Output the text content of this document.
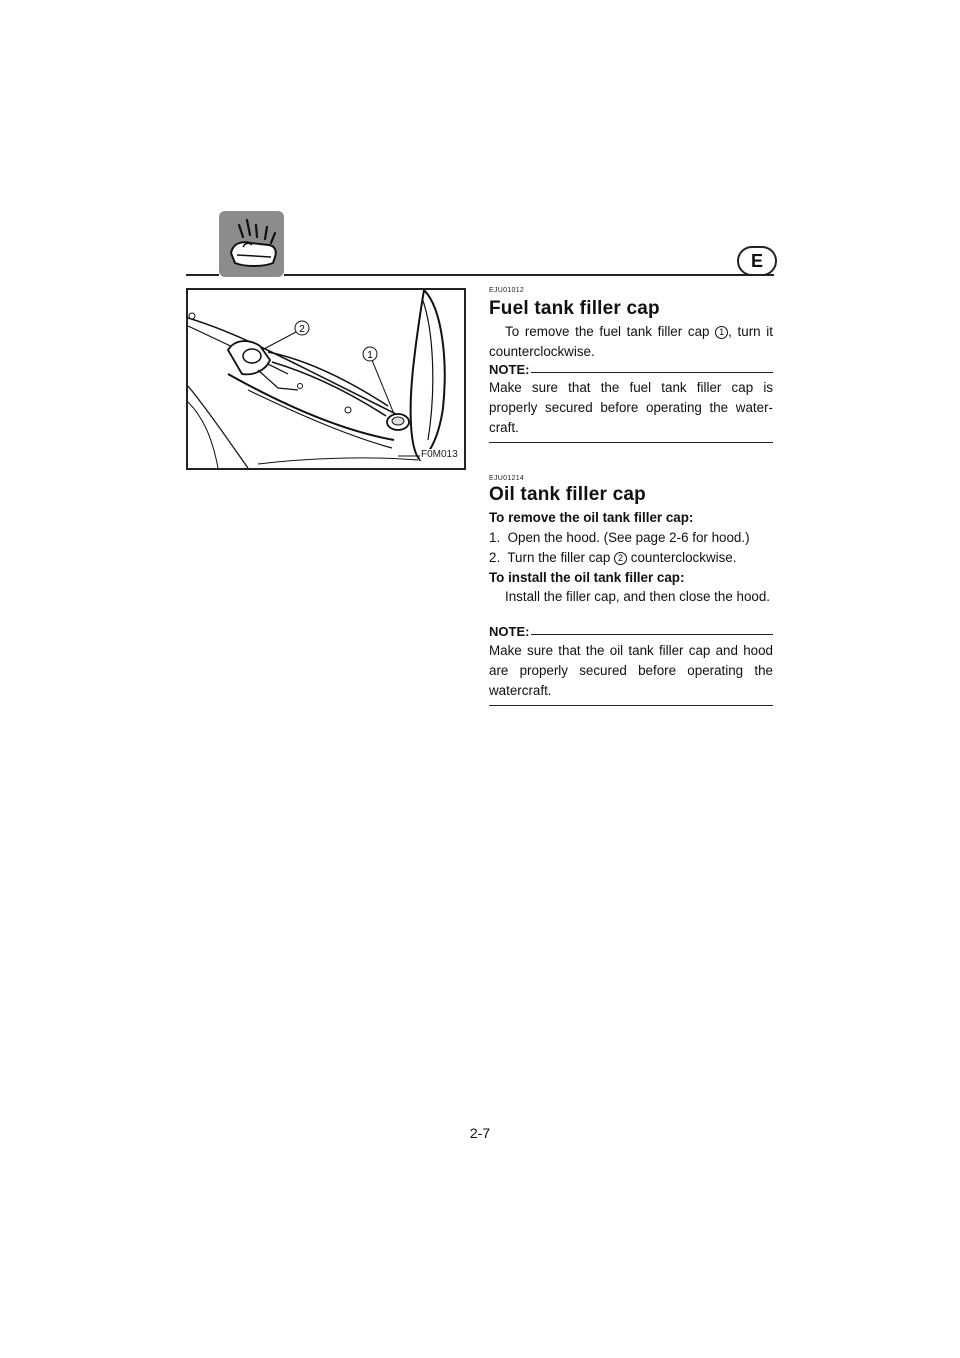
E
2
1
F0M013
EJU01012
Fuel tank filler cap
To remove the fuel tank filler cap 1 , turn it counterclockwise.
NOTE:
Make sure that the fuel tank filler cap is properly secured before operating the water-craft.
EJU01214
Oil tank filler cap
To remove the oil tank filler cap:
1.  Open the hood. (See page 2-6 for hood.)
2.  Turn the filler cap 2 counterclockwise.
To install the oil tank filler cap:
Install the filler cap, and then close the hood.
NOTE:
Make sure that the oil tank filler cap and hood are properly secured before operating the watercraft.
2-7
